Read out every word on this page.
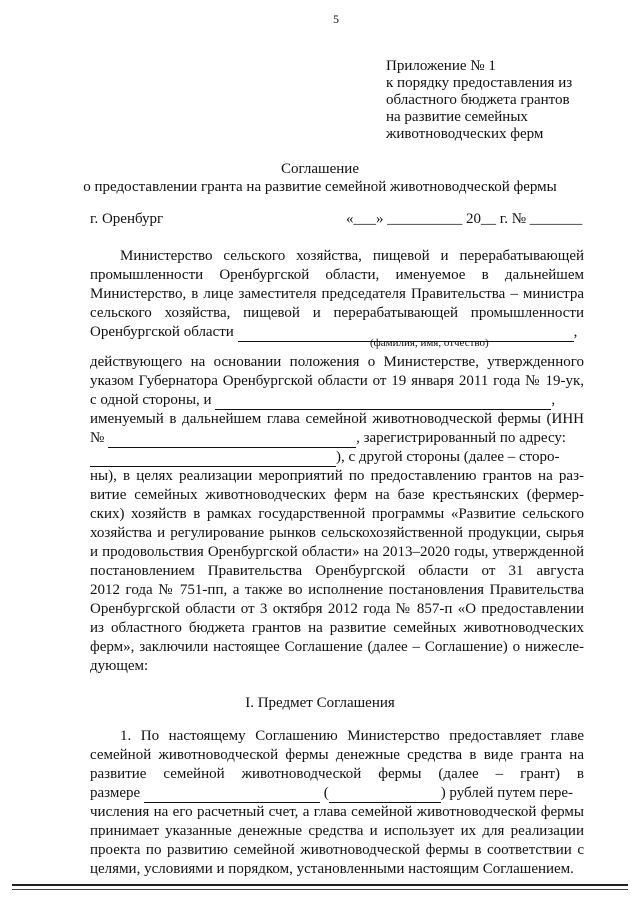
5
Приложение № 1
к порядку предоставления из
областного бюджета грантов
на развитие семейных
животноводческих ферм
Соглашение
о предоставлении гранта на развитие семейной животноводческой фермы
г. Оренбург	«___» __________ 20__ г. № _______
Министерство сельского хозяйства, пищевой и перерабатывающей
промышленности Оренбургской области, именуемое в дальнейшем
Министерство, в лице заместителя председателя Правительства – министра
сельского хозяйства, пищевой и перерабатывающей промышленности
Оренбургской области	,
(фамилия, имя, отчество)
действующего на основании положения о Министерстве, утвержденного
указом Губернатора Оренбургской области от 19 января 2011 года № 19-ук,
с одной стороны, и	,
именуемый в дальнейшем глава семейной животноводческой фермы (ИНН
№	, зарегистрированный по адресу:
), с другой стороны (далее – сторо-
ны), в целях реализации мероприятий по предоставлению грантов на раз-
витие семейных животноводческих ферм на базе крестьянских (фермер-
ских) хозяйств в рамках государственной программы «Развитие сельского
хозяйства и регулирование рынков сельскохозяйственной продукции, сырья
и продовольствия Оренбургской области» на 2013–2020 годы, утвержденной
постановлением Правительства Оренбургской области от 31 августа
2012 года № 751-пп, а также во исполнение постановления Правительства
Оренбургской области от 3 октября 2012 года № 857-п «О предоставлении
из областного бюджета грантов на развитие семейных животноводческих
ферм», заключили настоящее Соглашение (далее – Соглашение) о нижесле-
дующем:
I. Предмет Соглашения
1. По настоящему Соглашению Министерство предоставляет главе
семейной животноводческой фермы денежные средства в виде гранта на
развитие семейной животноводческой фермы (далее – грант) в
размере	(	) рублей путем пере-
числения на его расчетный счет, а глава семейной животноводческой фермы
принимает указанные денежные средства и использует их для реализации
проекта по развитию семейной животноводческой фермы в соответствии с
целями, условиями и порядком, установленными настоящим Соглашением.
